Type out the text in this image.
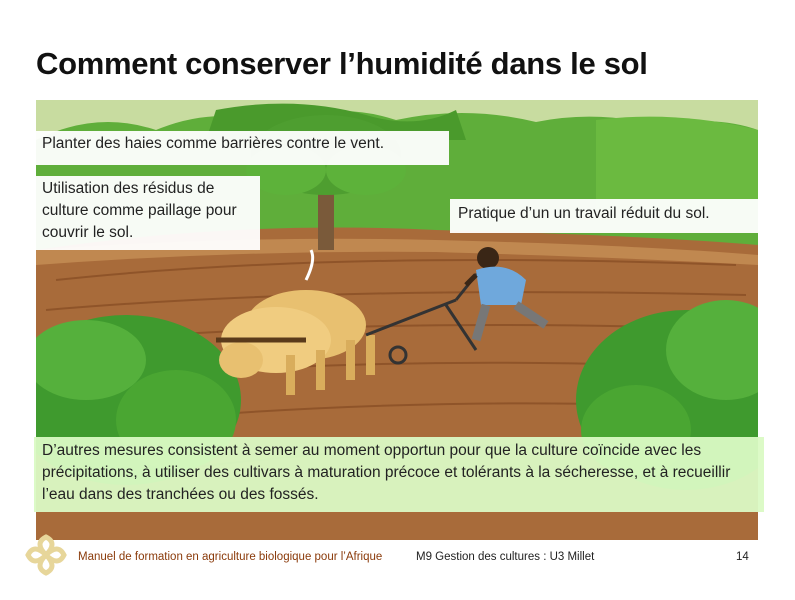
Comment conserver l’humidité dans le sol
Planter des haies comme barrières contre le vent.
Utilisation des résidus de culture comme paillage pour couvrir le sol.
Pratique d’un un travail réduit du sol.
D’autres mesures consistent à semer au moment opportun pour que la culture coïncide avec les précipitations, à utiliser des cultivars à maturation précoce et tolérants à la sécheresse, et à recueillir l’eau dans des tranchées ou des fossés.
Manuel de formation en agriculture biologique pour l’Afrique	M9 Gestion des cultures : U3 Millet	14
